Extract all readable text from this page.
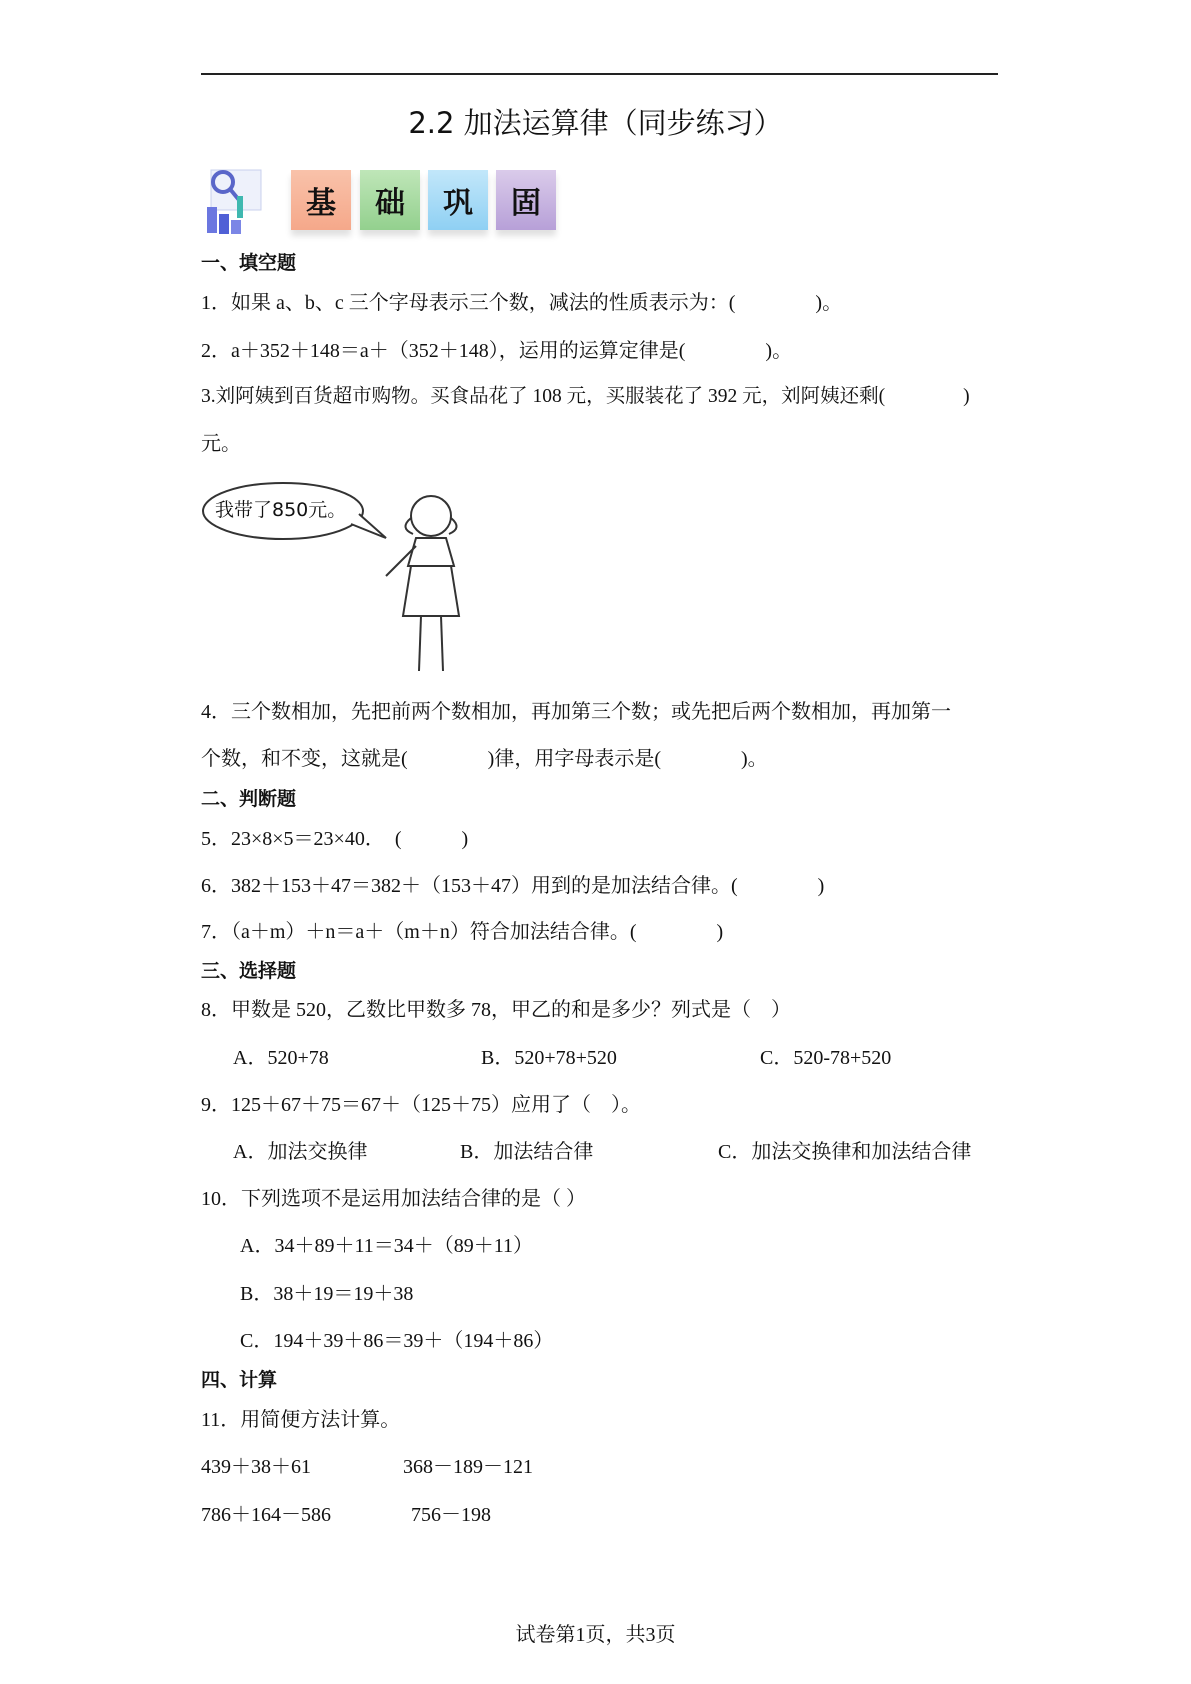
2.2 加法运算律（同步练习）
基	础	巩	固
一、填空题
1．如果 a、b、c 三个字母表示三个数，减法的性质表示为：(　　　　)。
2．a＋352＋148＝a＋（352＋148），运用的运算定律是(　　　　)。
3.刘阿姨到百货超市购物。买食品花了 108 元，买服装花了 392 元，刘阿姨还剩(　　　　)
元。
我带了850元。
4．三个数相加，先把前两个数相加，再加第三个数；或先把后两个数相加，再加第一
个数，和不变，这就是(　　　　)律，用字母表示是(　　　　)。
二、判断题
5．23×8×5＝23×40．　(　　　)
6．382＋153＋47＝382＋（153＋47）用到的是加法结合律。(　　　　)
7．（a＋m）＋n＝a＋（m＋n）符合加法结合律。(　　　　)
三、选择题
8．甲数是 520，乙数比甲数多 78，甲乙的和是多少？列式是（　）
A．520+78	B．520+78+520	C．520-78+520
9．125＋67＋75＝67＋（125＋75）应用了（　）。
A．加法交换律	B．加法结合律	C．加法交换律和加法结合律
10．下列选项不是运用加法结合律的是（ ）
A．34＋89＋11＝34＋（89＋11）
B．38＋19＝19＋38
C．194＋39＋86＝39＋（194＋86）
四、计算
11．用简便方法计算。
439＋38＋61	368－189－121
786＋164－586	756－198
试卷第1页，共3页
